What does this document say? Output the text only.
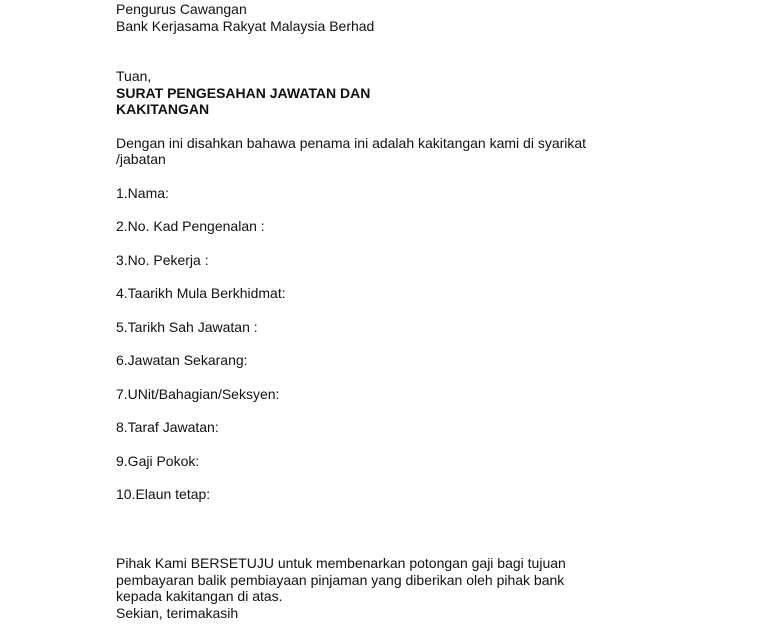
Pengurus Cawangan
Bank Kerjasama Rakyat Malaysia Berhad
Tuan,
SURAT PENGESAHAN JAWATAN DAN
KAKITANGAN
Dengan ini disahkan bahawa penama ini adalah kakitangan kami di syarikat
/jabatan
1.Nama:
2.No. Kad Pengenalan :
3.No. Pekerja :
4.Taarikh Mula Berkhidmat:
5.Tarikh Sah Jawatan :
6.Jawatan Sekarang:
7.UNit/Bahagian/Seksyen:
8.Taraf Jawatan:
9.Gaji Pokok:
10.Elaun tetap:
Pihak Kami BERSETUJU untuk membenarkan potongan gaji bagi tujuan
pembayaran balik pembiayaan pinjaman yang diberikan oleh pihak bank
kepada kakitangan di atas.
Sekian, terimakasih
